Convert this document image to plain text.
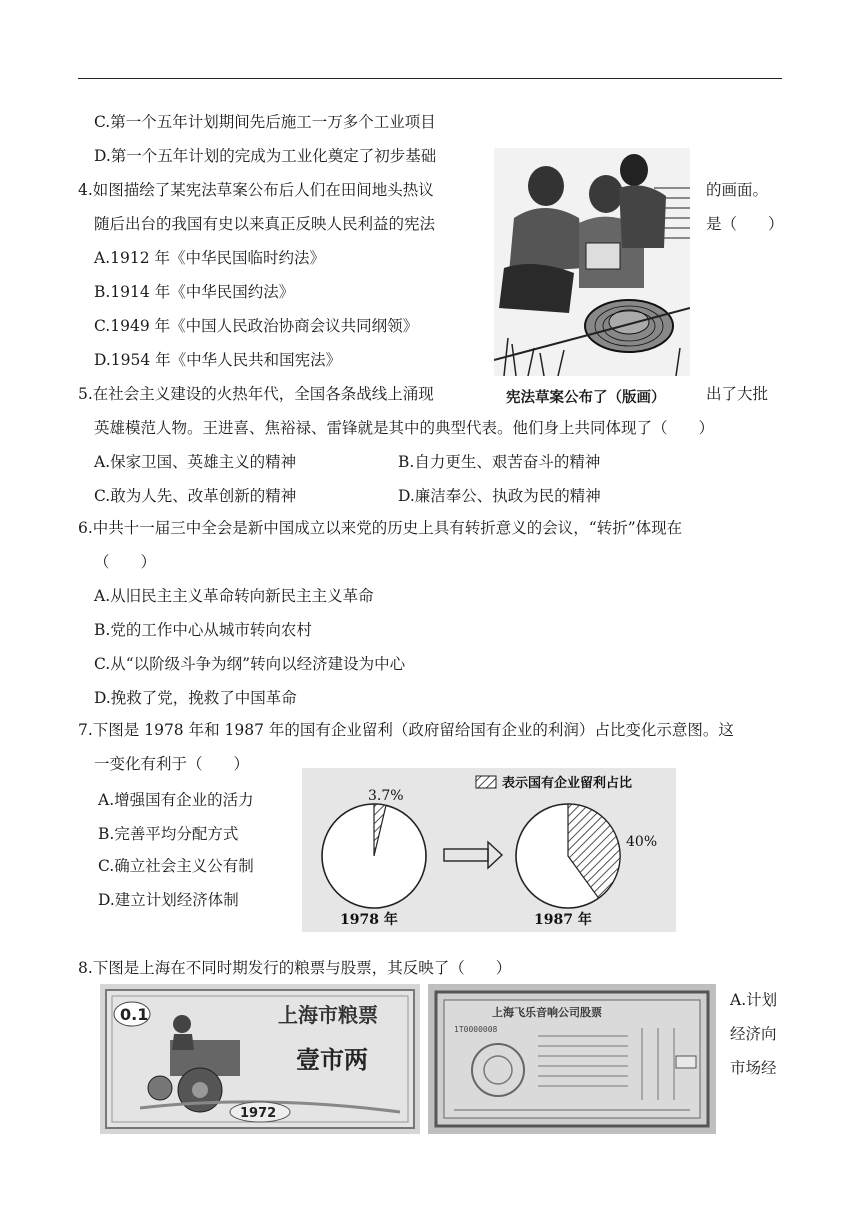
C.第一个五年计划期间先后施工一万多个工业项目
D.第一个五年计划的完成为工业化奠定了初步基础
4.如图描绘了某宪法草案公布后人们在田间地头热议	的画面。
随后出台的我国有史以来真正反映人民利益的宪法	是（　　）
A.1912 年《中华民国临时约法》
B.1914 年《中华民国约法》
C.1949 年《中国人民政治协商会议共同纲领》
D.1954 年《中华人民共和国宪法》
5.在社会主义建设的火热年代，全国各条战线上涌现	出了大批
英雄模范人物。王进喜、焦裕禄、雷锋就是其中的典型代表。他们身上共同体现了（　　）
A.保家卫国、英雄主义的精神	B.自力更生、艰苦奋斗的精神
C.敢为人先、改革创新的精神	D.廉洁奉公、执政为民的精神
6.中共十一届三中全会是新中国成立以来党的历史上具有转折意义的会议，“转折”体现在
（　　）
A.从旧民主主义革命转向新民主主义革命
B.党的工作中心从城市转向农村
C.从“以阶级斗争为纲”转向以经济建设为中心
D.挽救了党，挽救了中国革命
7.下图是 1978 年和 1987 年的国有企业留利（政府留给国有企业的利润）占比变化示意图。这
一变化有利于（　　）
A.增强国有企业的活力
B.完善平均分配方式
C.确立社会主义公有制
D.建立计划经济体制
8.下图是上海在不同时期发行的粮票与股票，其反映了（　　）
A.计划
经济向
市场经
宪法草案公布了（版画）
表示国有企业留利占比
3.7%
1978 年
40%
1987 年
0.1	上海市粮票
壹市两
1972
上海飞乐音响公司股票
1T0000008
